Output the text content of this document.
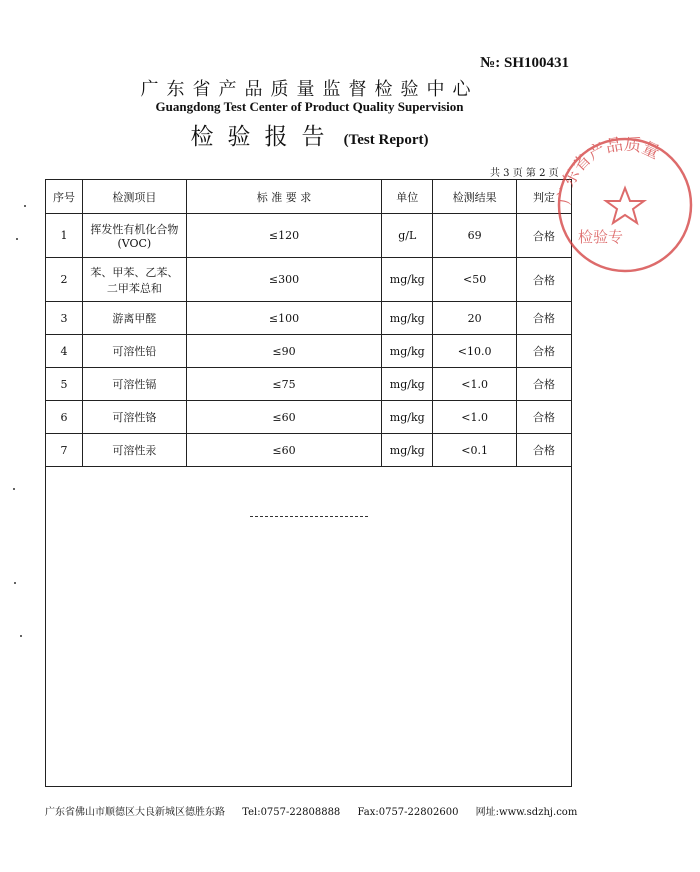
№: SH100431
广东省产品质量监督检验中心
Guangdong Test Center of Product Quality Supervision
检验报告 (Test Report)
共 3 页 第 2 页
序号	检测项目	标 准 要 求	单位	检测结果	判定
1	挥发性有机化合物(VOC)	≤120	g/L	69	合格
2	苯、甲苯、乙苯、二甲苯总和	≤300	mg/kg	<50	合格
3	游离甲醛	≤100	mg/kg	20	合格
4	可溶性铅	≤90	mg/kg	<10.0	合格
5	可溶性镉	≤75	mg/kg	<1.0	合格
6	可溶性铬	≤60	mg/kg	<1.0	合格
7	可溶性汞	≤60	mg/kg	<0.1	合格
广东省佛山市顺德区大良新城区德胜东路 Tel:0757-22808888 Fax:0757-22802600 网址:www.sdzhj.com
广东省产品质量
检验专
